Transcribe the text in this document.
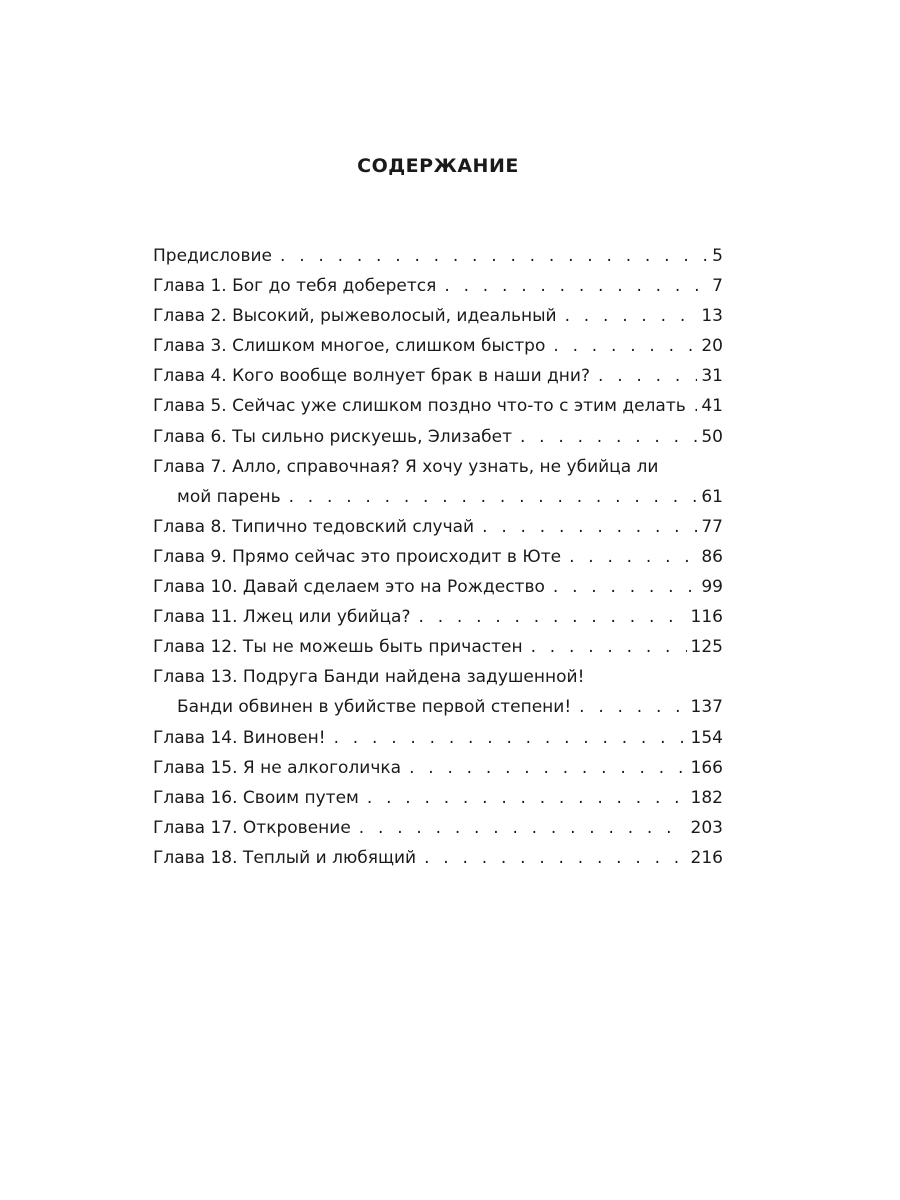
СОДЕРЖАНИЕ
Предисловие . . .	5
Глава 1. Бог до тебя доберется . . .	7
Глава 2. Высокий, рыжеволосый, идеальный . . .	13
Глава 3. Слишком многое, слишком быстро . . .	20
Глава 4. Кого вообще волнует брак в наши дни? . . .	31
Глава 5. Сейчас уже слишком поздно что-то с этим делать . . . 41
Глава 6. Ты сильно рискуешь, Элизабет . . .	50
Глава 7. Алло, справочная? Я хочу узнать, не убийца ли
мой парень . . .	61
Глава 8. Типично тедовский случай . . .	77
Глава 9. Прямо сейчас это происходит в Юте . . .	86
Глава 10. Давай сделаем это на Рождество . . .	99
Глава 11. Лжец или убийца? . . .	116
Глава 12. Ты не можешь быть причастен . . .	125
Глава 13. Подруга Банди найдена задушенной!
Банди обвинен в убийстве первой степени! . . .	137
Глава 14. Виновен! . . .	154
Глава 15. Я не алкоголичка . . .	166
Глава 16. Своим путем . . .	182
Глава 17. Откровение . . .	203
Глава 18. Теплый и любящий . . .	216
